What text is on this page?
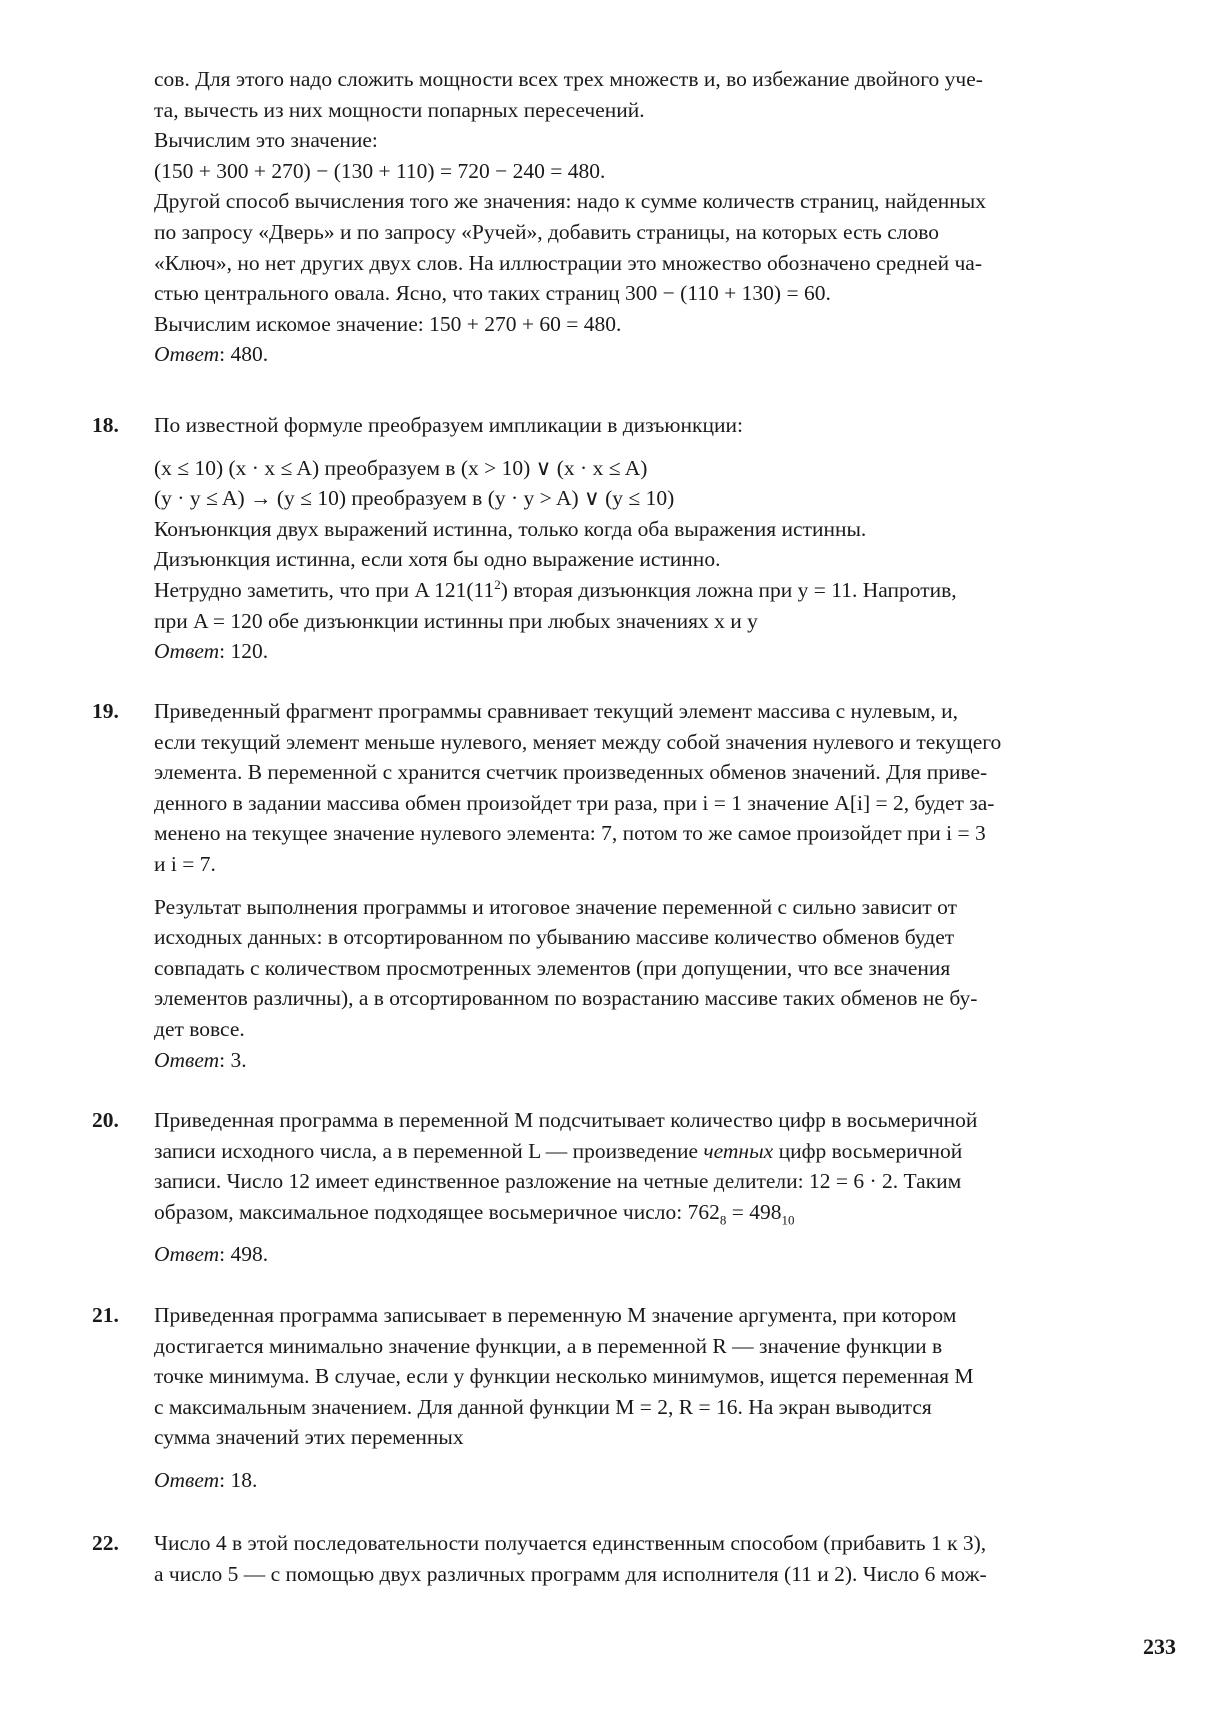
сов. Для этого надо сложить мощности всех трех множеств и, во избежание двойного уче-

та, вычесть из них мощности попарных пересечений.

Вычислим это значение:

(150 + 300 + 270) − (130 + 110) = 720 − 240 = 480.

Другой способ вычисления того же значения: надо к сумме количеств страниц, найденных

по запросу «Дверь» и по запросу «Ручей», добавить страницы, на которых есть слово

«Ключ», но нет других двух слов. На иллюстрации это множество обозначено средней ча-

стью центрального овала. Ясно, что таких страниц 300 − (110 + 130) = 60.

Вычислим искомое значение: 150 + 270 + 60 = 480.

Ответ: 480.

18. По известной формуле преобразуем импликации в дизъюнкции:

(x ≤ 10) (x · x ≤ A) преобразуем в (x > 10) ∨ (x · x ≤ A)

(y · y ≤ A) → (y ≤ 10) преобразуем в (y · y > A) ∨ (y ≤ 10)

Конъюнкция двух выражений истинна, только когда оба выражения истинны.

Дизъюнкция истинна, если хотя бы одно выражение истинно.

Нетрудно заметить, что при A $121(11^2)$ вторая дизъюнкция ложна при y = 11. Напротив,

при A = 120 обе дизъюнкции истинны при любых значениях x и y

Ответ: 120.

19. Приведенный фрагмент программы сравнивает текущий элемент массива с нулевым, и,

если текущий элемент меньше нулевого, меняет между собой значения нулевого и текущего

элемента. В переменной c хранится счетчик произведенных обменов значений. Для приве-

денного в задании массива обмен произойдет три раза, при i = 1 значение A[i] = 2, будет за-

менено на текущее значение нулевого элемента: 7, потом то же самое произойдет при i = 3

и i = 7.

Результат выполнения программы и итоговое значение переменной c сильно зависит от

исходных данных: в отсортированном по убыванию массиве количество обменов будет

совпадать с количеством просмотренных элементов (при допущении, что все значения

элементов различны), а в отсортированном по возрастанию массиве таких обменов не бу-

дет вовсе.

Ответ: 3.

20. Приведенная программа в переменной M подсчитывает количество цифр в восьмеричной

записи исходного числа, а в переменной L — произведение четных цифр восьмеричной

записи. Число 12 имеет единственное разложение на четные делители: 12 = 6 · 2. Таким

образом, максимальное подходящее восьмеричное число: $762_8 = 498_{10}$

Ответ: 498.

21. Приведенная программа записывает в переменную M значение аргумента, при котором

достигается минимально значение функции, а в переменной R — значение функции в

точке минимума. В случае, если у функции несколько минимумов, ищется переменная M

с максимальным значением. Для данной функции M = 2, R = 16. На экран выводится

сумма значений этих переменных

Ответ: 18.

22. Число 4 в этой последовательности получается единственным способом (прибавить 1 к 3),

а число 5 — с помощью двух различных программ для исполнителя (11 и 2). Число 6 мож-

233
